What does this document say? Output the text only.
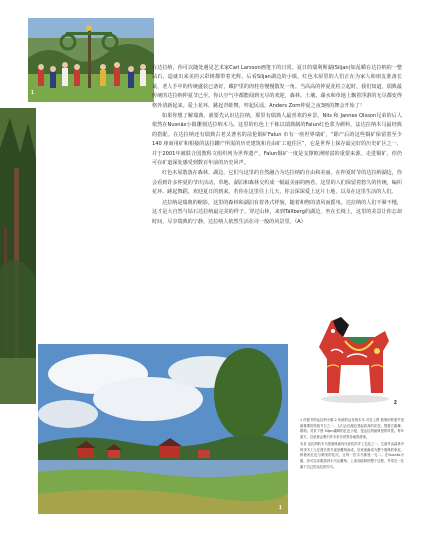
1

在达拉纳，你可以随处遇见艺术家Carl Larsson画笔下的日常。夏日的瑞利斯湖(Siljan)如乱嚼在达拉纳的一整钻石，造就出来美的云彩树都带着光辉。后看Siljan湖边的小镇，红色木屋里的人们正在为家人和朋友准备长桌，老人手中的传统盛装已备好，藏护里的肉桂卷慢慢散发一角。当高高的仲夏花柱立起时，我们知道，瑞典最传统的达拉纳仲夏节已至。你认空气中都能闻到无尽的欢迎，森林、土壤、湖水和草地上飘着浮游的无尽都变得格外清新起来。爱上花环、跳起青蛙舞，哼起民谣，Anders Zorn仲夏之夜3画的舞会开始了！

如果你想了解瑞典，就要先认识达拉纳。那里有瑞典人最喜欢的乡景，Nils 和 Jannes Olsson兄弟的后人依然在Nusnäs小镇雕刻达拉纳木马。这里的红色上千栋以瑞典制的Falun红色浆为颜料，法达拉纳木马最经典的搭配。在达拉纳还有瑞典古老又著名的法伦铜矿Falun 市有一座世界瑞矿，“除产后的这些铜矿保留着至少140 座商用矿和相接的法拉罐产所需的历史建筑和自由矿工庭住区”，它是世界上保存最完好的历史矿区之一，并于2001年被联合国教科文组织列为世界遗产。Falun铜矿一度是支撑欧洲财富的重要来源。走进铜矿，你仍可在矿道深处感受到数百年前的历史回声。

红色木屋散落在森林、湖边，它们与这里的自然融合为达拉纳的自由和美丽。在仲夏时节的达拉纳湖边，你会看到许多仲夏的节庆活动，草地、湖泊和森林交织成一幅最美丽的画卷。这里的人们保留着悠久的传统，编织花环、跳起舞蹈，欢迎夏日的到来。若你在这里住上几天，你会深深爱上这片土地，以及在这里生活的人们。

达拉纳是瑞典的缩影，这里的森林和湖泊有着各式样貌，随着和煦的清风而摇曳。达拉纳的人们不紧不慢，这才是大自然与钻石达拉纳最完美的样子。穿过山林，来到Tällberg的湖边，坐在长椅上，这里的美景让你忘却时间，尽享瑞典的宁静。达拉纳人依然生活在诗一般的风景里。（A）

1
2

1 仲夏节的达拉纳小镇 2 传统的达拉纳木马 对页上图 瑞典的仲夏节是最重要的传统节日之一，人们会在湖边竖起高高的花柱，围着它跳舞、歌唱。对页下图 Siljan湖畔的红色小屋，是达拉纳最典型的风景。每年夏天，这里都会吸引许多来自世界各地的游客。

本页 达拉纳的木马是瑞典最具代表性的手工艺品之一，它最早由森林中的伐木工人在漫长的冬夜里雕刻而成，后来逐渐成为整个瑞典的象征。鲜艳的红色与精美的花纹，让每一匹木马都独一无二。在Nusnäs小镇，你可以亲眼看到木马从雕刻、上漆到绘制的整个过程，并带走一匹属于自己的达拉纳木马。
